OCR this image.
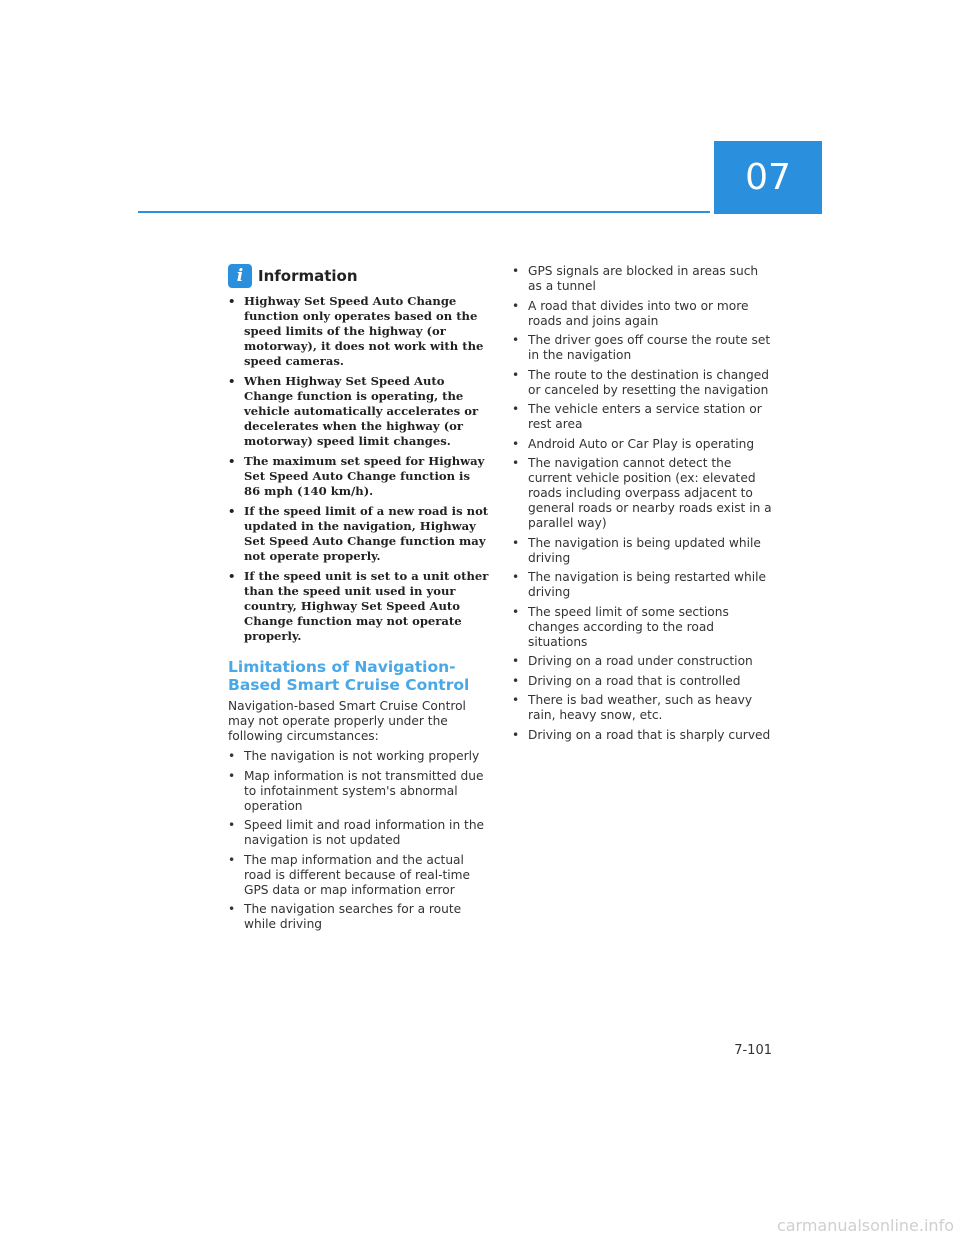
07
i Information
• Highway Set Speed Auto Change function only operates based on the speed limits of the highway (or motorway), it does not work with the speed cameras.
• When Highway Set Speed Auto Change function is operating, the vehicle automatically accelerates or decelerates when the highway (or motorway) speed limit changes.
• The maximum set speed for Highway Set Speed Auto Change function is 86 mph (140 km/h).
• If the speed limit of a new road is not updated in the navigation, Highway Set Speed Auto Change function may not operate properly.
• If the speed unit is set to a unit other than the speed unit used in your country, Highway Set Speed Auto Change function may not operate properly.
Limitations of Navigation-Based Smart Cruise Control

Navigation-based Smart Cruise Control may not operate properly under the following circumstances:

• The navigation is not working properly
• Map information is not transmitted due to infotainment system's abnormal operation
• Speed limit and road information in the navigation is not updated
• The map information and the actual road is different because of real-time GPS data or map information error
• The navigation searches for a route while driving
• GPS signals are blocked in areas such as a tunnel
• A road that divides into two or more roads and joins again
• The driver goes off course the route set in the navigation
• The route to the destination is changed or canceled by resetting the navigation
• The vehicle enters a service station or rest area
• Android Auto or Car Play is operating
• The navigation cannot detect the current vehicle position (ex: elevated roads including overpass adjacent to general roads or nearby roads exist in a parallel way)
• The navigation is being updated while driving
• The navigation is being restarted while driving
• The speed limit of some sections changes according to the road situations
• Driving on a road under construction
• Driving on a road that is controlled
• There is bad weather, such as heavy rain, heavy snow, etc.
• Driving on a road that is sharply curved
7-101
carmanualsonline.info
